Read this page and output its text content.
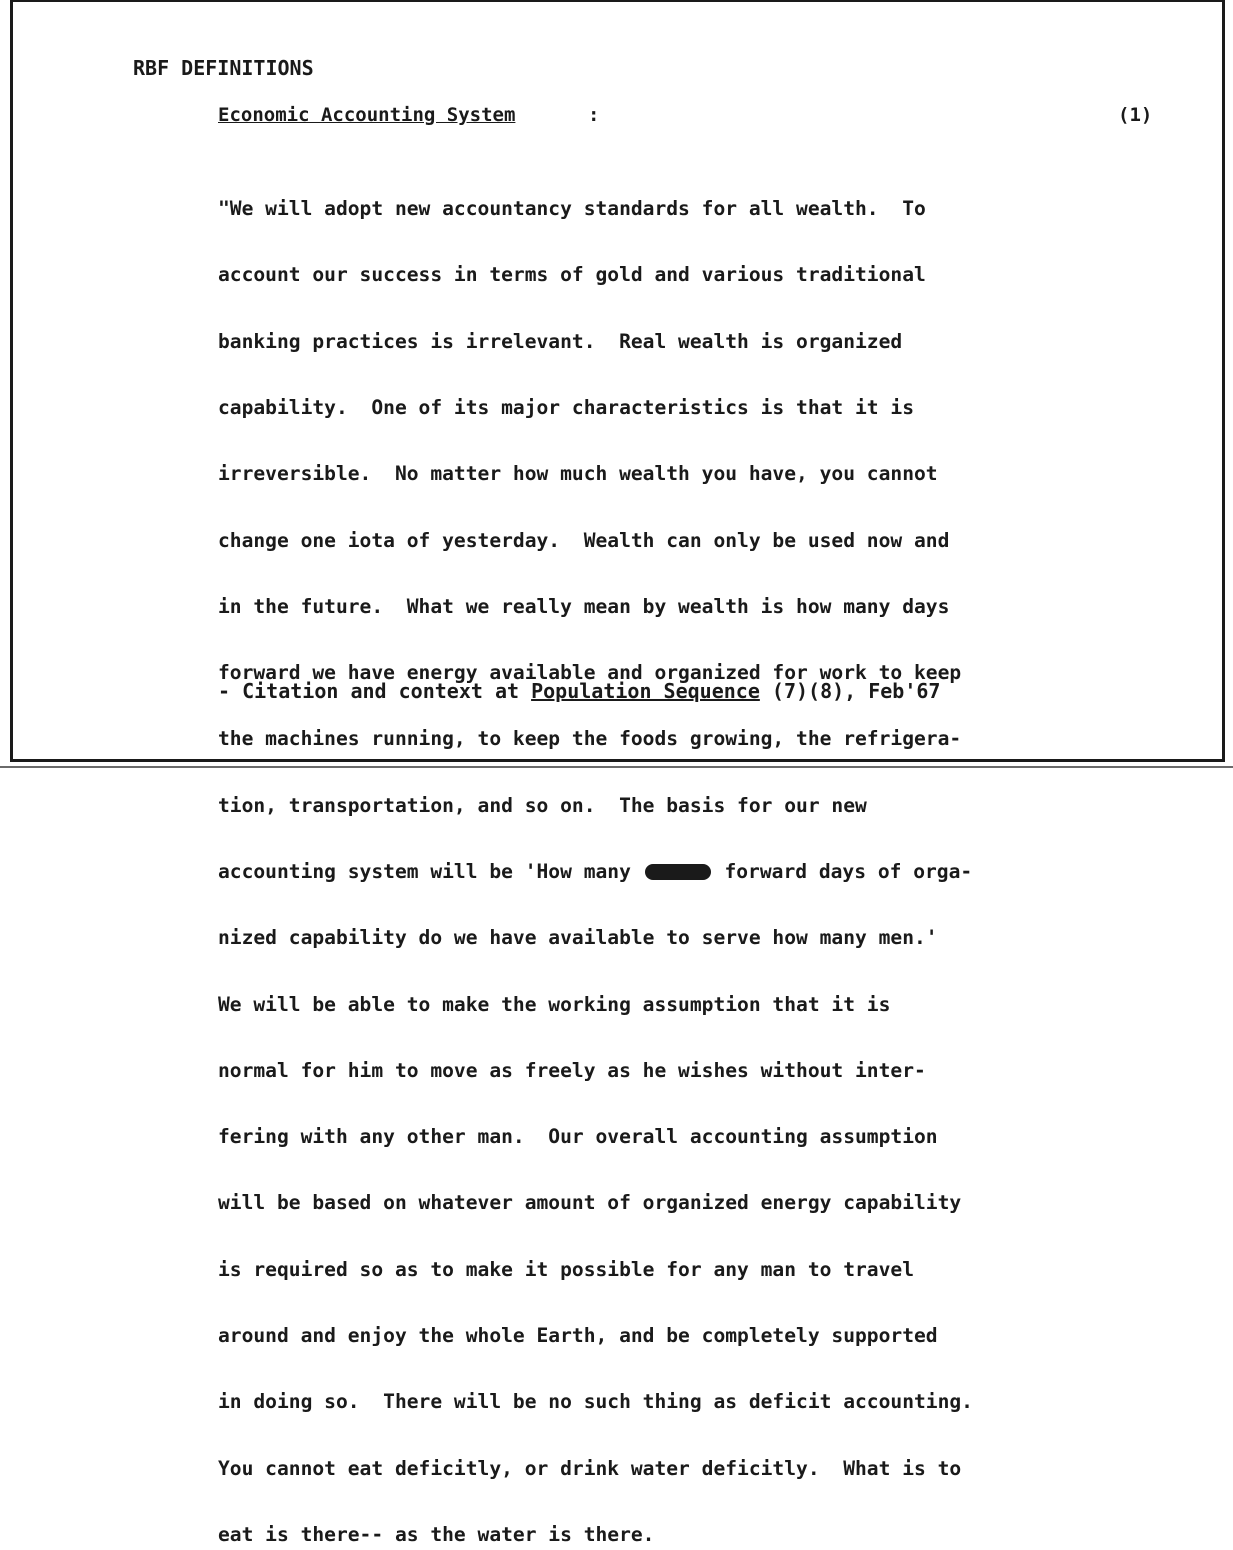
RBF DEFINITIONS
Economic Accounting System	:	(1)

"We will adopt new accountancy standards for all wealth.  To

account our success in terms of gold and various traditional

banking practices is irrelevant.  Real wealth is organized

capability.  One of its major characteristics is that it is

irreversible.  No matter how much wealth you have, you cannot

change one iota of yesterday.  Wealth can only be used now and

in the future.  What we really mean by wealth is how many days

forward we have energy available and organized for work to keep

the machines running, to keep the foods growing, the refrigera-

tion, transportation, and so on.  The basis for our new

accounting system will be 'How many	forward days of orga-

nized capability do we have available to serve how many men.'

We will be able to make the working assumption that it is

normal for him to move as freely as he wishes without inter-

fering with any other man.  Our overall accounting assumption

will be based on whatever amount of organized energy capability

is required so as to make it possible for any man to travel

around and enjoy the whole Earth, and be completely supported

in doing so.  There will be no such thing as deficit accounting.

You cannot eat deficitly, or drink water deficitly.  What is to

eat is there-- as the water is there.

- Citation and context at Population Sequence (7)(8), Feb'67
